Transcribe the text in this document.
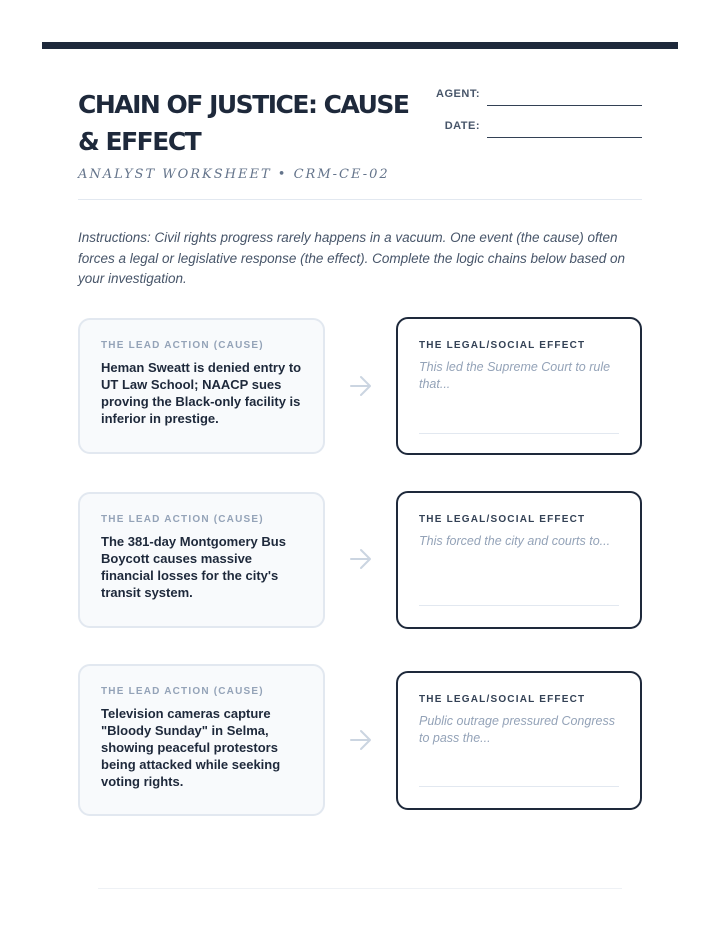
CHAIN OF JUSTICE: CAUSE & EFFECT
AGENT:
DATE:
ANALYST WORKSHEET • CRM-CE-02
Instructions: Civil rights progress rarely happens in a vacuum. One event (the cause) often forces a legal or legislative response (the effect). Complete the logic chains below based on your investigation.
THE LEAD ACTION (CAUSE)
Heman Sweatt is denied entry to UT Law School; NAACP sues proving the Black-only facility is inferior in prestige.
THE LEGAL/SOCIAL EFFECT
This led the Supreme Court to rule that...
THE LEAD ACTION (CAUSE)
The 381-day Montgomery Bus Boycott causes massive financial losses for the city's transit system.
THE LEGAL/SOCIAL EFFECT
This forced the city and courts to...
THE LEAD ACTION (CAUSE)
Television cameras capture "Bloody Sunday" in Selma, showing peaceful protestors being attacked while seeking voting rights.
THE LEGAL/SOCIAL EFFECT
Public outrage pressured Congress to pass the...
